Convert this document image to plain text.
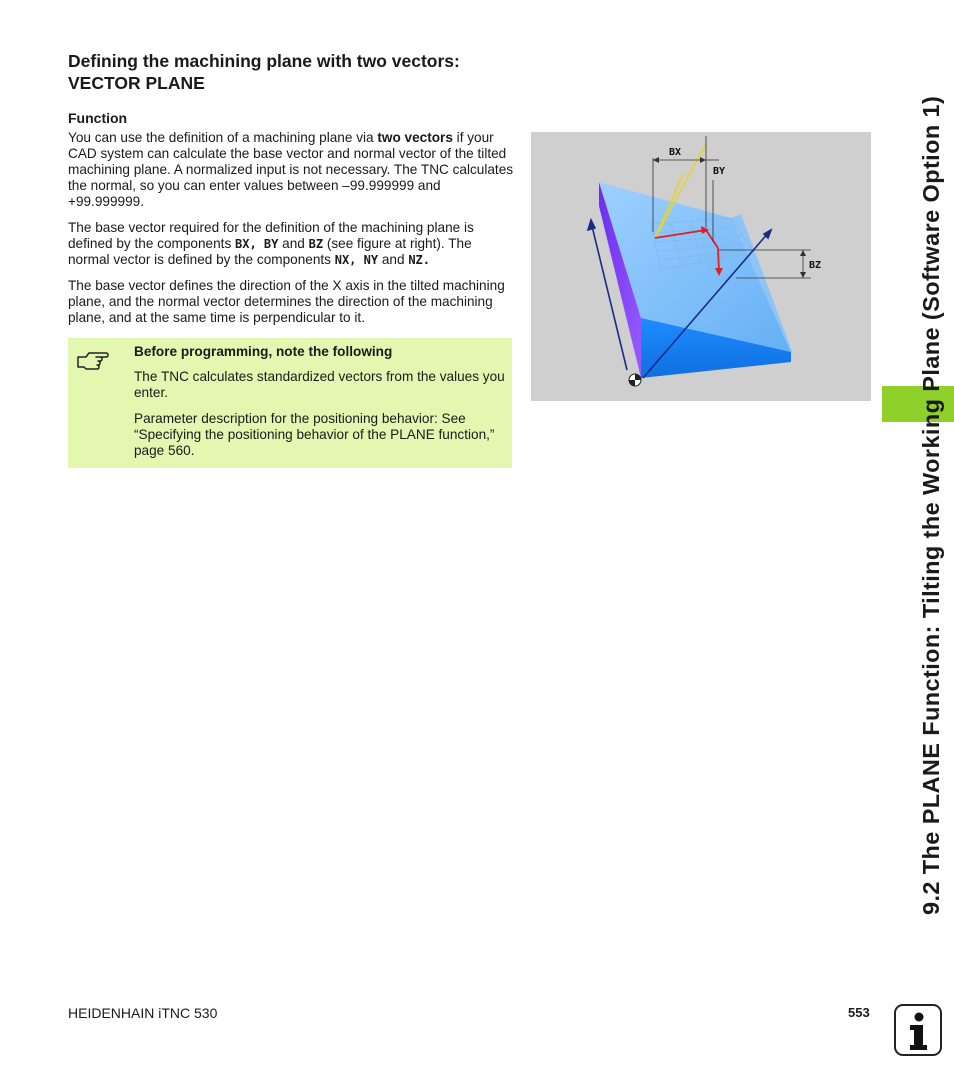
Defining the machining plane with two vectors:
VECTOR PLANE
Function

You can use the definition of a machining plane via two vectors if your CAD system can calculate the base vector and normal vector of the tilted machining plane. A normalized input is not necessary. The TNC calculates the normal, so you can enter values between –99.999999 and +99.999999.

The base vector required for the definition of the machining plane is defined by the components BX, BY and BZ (see figure at right). The normal vector is defined by the components NX, NY and NZ.

The base vector defines the direction of the X axis in the tilted machining plane, and the normal vector determines the direction of the machining plane, and at the same time is perpendicular to it.

Before programming, note the following

The TNC calculates standardized vectors from the values you enter.

Parameter description for the positioning behavior: See “Specifying the positioning behavior of the PLANE function,” page 560.

BX
BY
BZ	9.2 The PLANE Function: Tilting the Working Plane (Software Option 1)
HEIDENHAIN iTNC 530	553
